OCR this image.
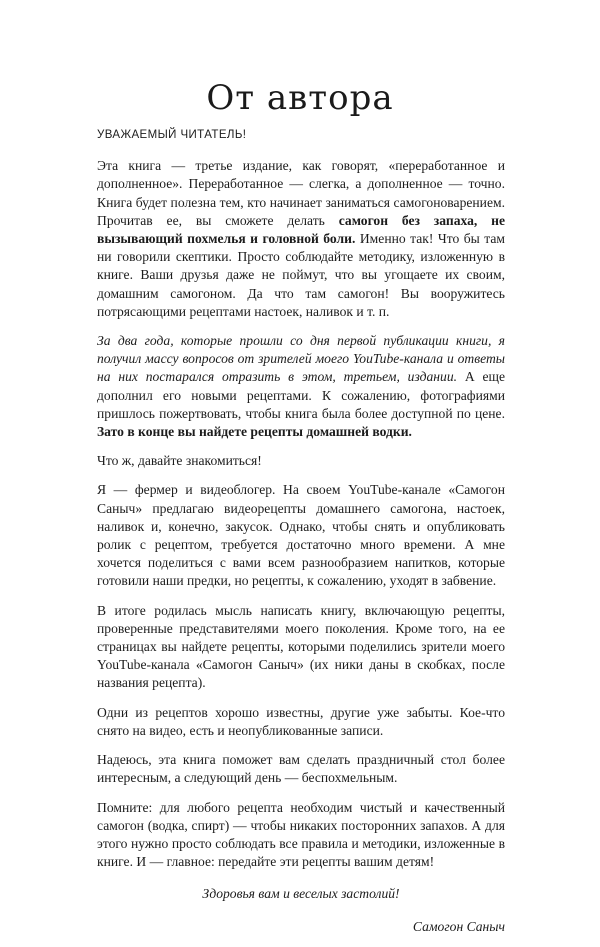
От автора

УВАЖАЕМЫЙ ЧИТАТЕЛЬ!

Эта книга — третье издание, как говорят, «переработанное и дополненное». Переработанное — слегка, а дополненное — точно. Книга будет полезна тем, кто начинает заниматься самогоноварением. Прочитав ее, вы сможете делать самогон без запаха, не вызывающий похмелья и головной боли. Именно так! Что бы там ни говорили скептики. Просто соблюдайте методику, изложенную в книге. Ваши друзья даже не поймут, что вы угощаете их своим, домашним самогоном. Да что там самогон! Вы вооружитесь потрясающими рецептами настоек, наливок и т. п.

За два года, которые прошли со дня первой публикации книги, я получил массу вопросов от зрителей моего YouTube-канала и ответы на них постарался отразить в этом, третьем, издании. А еще дополнил его новыми рецептами. К сожалению, фотографиями пришлось пожертвовать, чтобы книга была более доступной по цене. Зато в конце вы найдете рецепты домашней водки.

Что ж, давайте знакомиться!

Я — фермер и видеоблогер. На своем YouTube-канале «Самогон Саныч» предлагаю видеорецепты домашнего самогона, настоек, наливок и, конечно, закусок. Однако, чтобы снять и опубликовать ролик с рецептом, требуется достаточно много времени. А мне хочется поделиться с вами всем разнообразием напитков, которые готовили наши предки, но рецепты, к сожалению, уходят в забвение.

В итоге родилась мысль написать книгу, включающую рецепты, проверенные представителями моего поколения. Кроме того, на ее страницах вы найдете рецепты, которыми поделились зрители моего YouTube-канала «Самогон Саныч» (их ники даны в скобках, после названия рецепта).

Одни из рецептов хорошо известны, другие уже забыты. Кое-что снято на видео, есть и неопубликованные записи.

Надеюсь, эта книга поможет вам сделать праздничный стол более интересным, а следующий день — беспохмельным.

Помните: для любого рецепта необходим чистый и качественный самогон (водка, спирт) — чтобы никаких посторонних запахов. А для этого нужно просто соблюдать все правила и методики, изложенные в книге. И — главное: передайте эти рецепты вашим детям!

Здоровья вам и веселых застолий!

Самогон Саныч
